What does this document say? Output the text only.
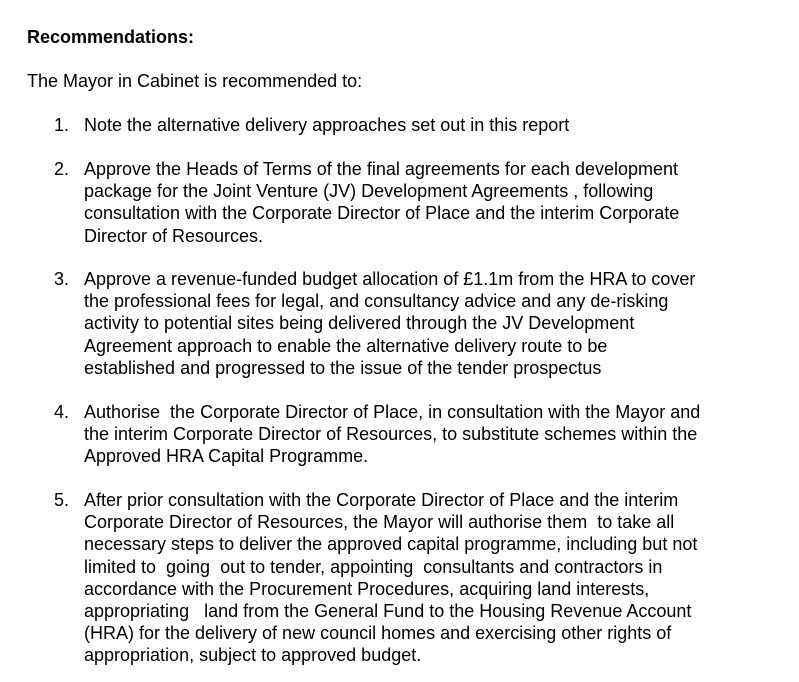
Recommendations:
The Mayor in Cabinet is recommended to:
1. Note the alternative delivery approaches set out in this report
2. Approve the Heads of Terms of the final agreements for each development
package for the Joint Venture (JV) Development Agreements , following
consultation with the Corporate Director of Place and the interim Corporate
Director of Resources.
3. Approve a revenue-funded budget allocation of £1.1m from the HRA to cover
the professional fees for legal, and consultancy advice and any de-risking
activity to potential sites being delivered through the JV Development
Agreement approach to enable the alternative delivery route to be
established and progressed to the issue of the tender prospectus
4. Authorise  the Corporate Director of Place, in consultation with the Mayor and
the interim Corporate Director of Resources, to substitute schemes within the
Approved HRA Capital Programme.
5. After prior consultation with the Corporate Director of Place and the interim
Corporate Director of Resources, the Mayor will authorise them  to take all
necessary steps to deliver the approved capital programme, including but not
limited to  going  out to tender, appointing  consultants and contractors in
accordance with the Procurement Procedures, acquiring land interests,
appropriating   land from the General Fund to the Housing Revenue Account
(HRA) for the delivery of new council homes and exercising other rights of
appropriation, subject to approved budget.
